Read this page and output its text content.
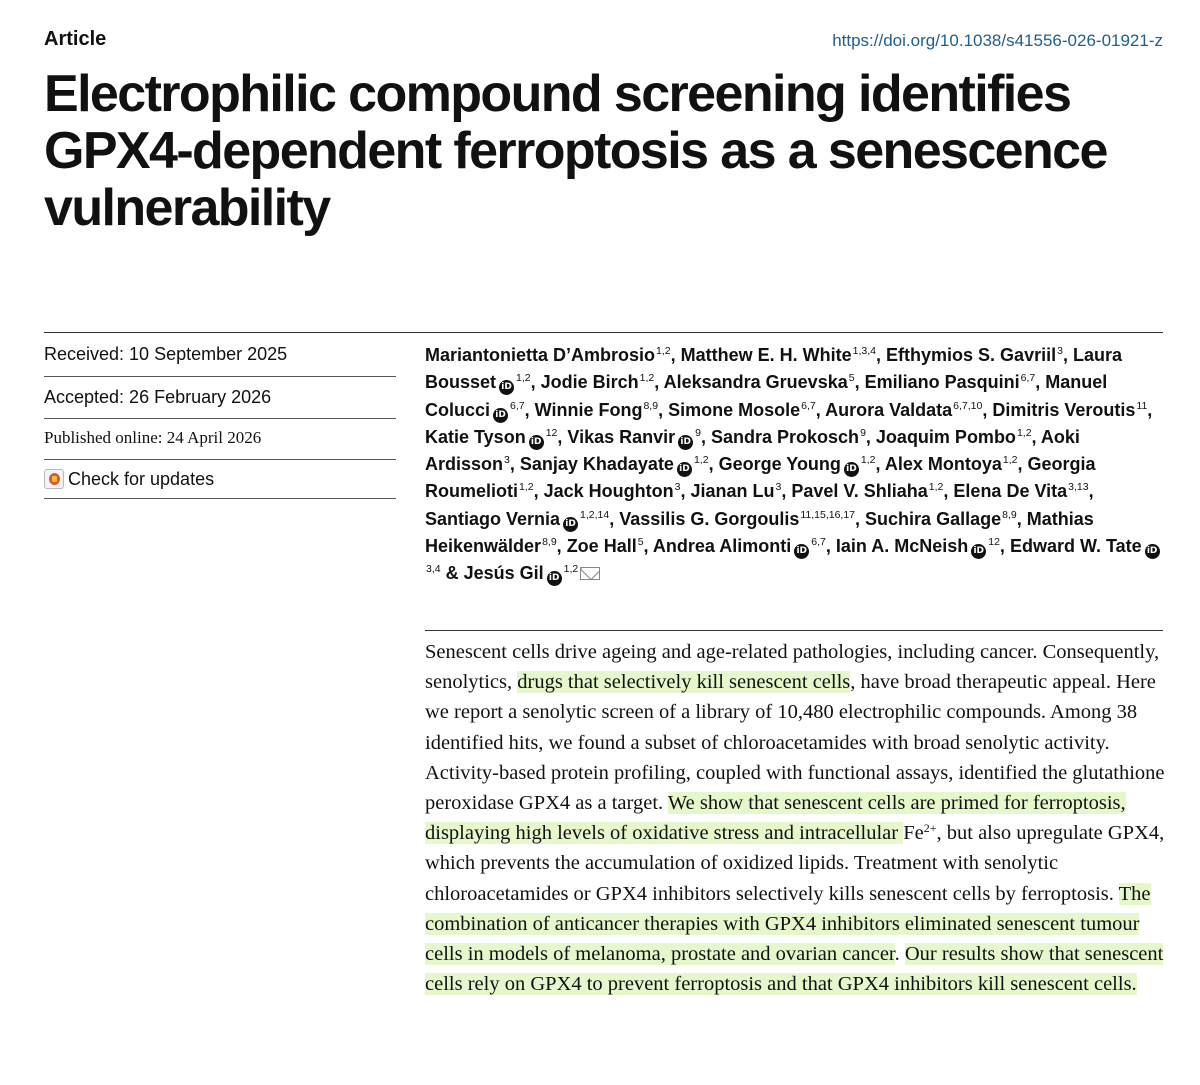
Article	https://doi.org/10.1038/s41556-026-01921-z
Electrophilic compound screening identifies GPX4-dependent ferroptosis as a senescence vulnerability
Received: 10 September 2025
Accepted: 26 February 2026
Published online: 24 April 2026
Check for updates
Mariantonietta D’Ambrosio$^{1,2}$, Matthew E. H. White$^{1,3,4}$, Efthymios S. Gavriil$^3$, Laura Bousset iD$^{1,2}$, Jodie Birch$^{1,2}$, Aleksandra Gruevska$^5$, Emiliano Pasquini$^{6,7}$, Manuel Colucci iD$^{6,7}$, Winnie Fong$^{8,9}$, Simone Mosole$^{6,7}$, Aurora Valdata$^{6,7,10}$, Dimitris Veroutis$^{11}$, Katie Tyson $iD^{12}$, Vikas Ranvir $iD^9$, Sandra Prokosch$^9$, Joaquim Pombo$^{1,2}$, Aoki Ardisson$^3$, Sanjay Khadayate iD$^{1,2}$, George Young iD$^{1,2}$, Alex Montoya$^{1,2}$, Georgia Roumelioti$^{1,2}$, Jack Houghton$^3$, Jianan Lu$^3$, Pavel V. Shliaha$^{1,2}$, Elena De Vita$^{3,13}$, Santiago Vernia iD$^{1,2,14}$, Vassilis G. Gorgoulis$^{11,15,16,17}$, Suchira Gallage$^{8,9}$, Mathias Heikenwälder$^{8,9}$, Zoe Hall$^5$, Andrea Alimonti iD$^{6,7}$, Iain A. McNeish $iD^{12}$, Edward W. Tate iD$^{3,4}$ & Jesús Gil iD$^{1,2}$
Senescent cells drive ageing and age-related pathologies, including cancer. Consequently, senolytics, drugs that selectively kill senescent cells, have broad therapeutic appeal. Here we report a senolytic screen of a library of 10,480 electrophilic compounds. Among 38 identified hits, we found a subset of chloroacetamides with broad senolytic activity. Activity-based protein profiling, coupled with functional assays, identified the glutathione peroxidase GPX4 as a target. We show that senescent cells are primed for ferroptosis, displaying high levels of oxidative stress and intracellular $Fe^{2+}$, but also upregulate GPX4, which prevents the accumulation of oxidized lipids. Treatment with senolytic chloroacetamides or GPX4 inhibitors selectively kills senescent cells by ferroptosis. The combination of anticancer therapies with GPX4 inhibitors eliminated senescent tumour cells in models of melanoma, prostate and ovarian cancer. Our results show that senescent cells rely on GPX4 to prevent ferroptosis and that GPX4 inhibitors kill senescent cells.
